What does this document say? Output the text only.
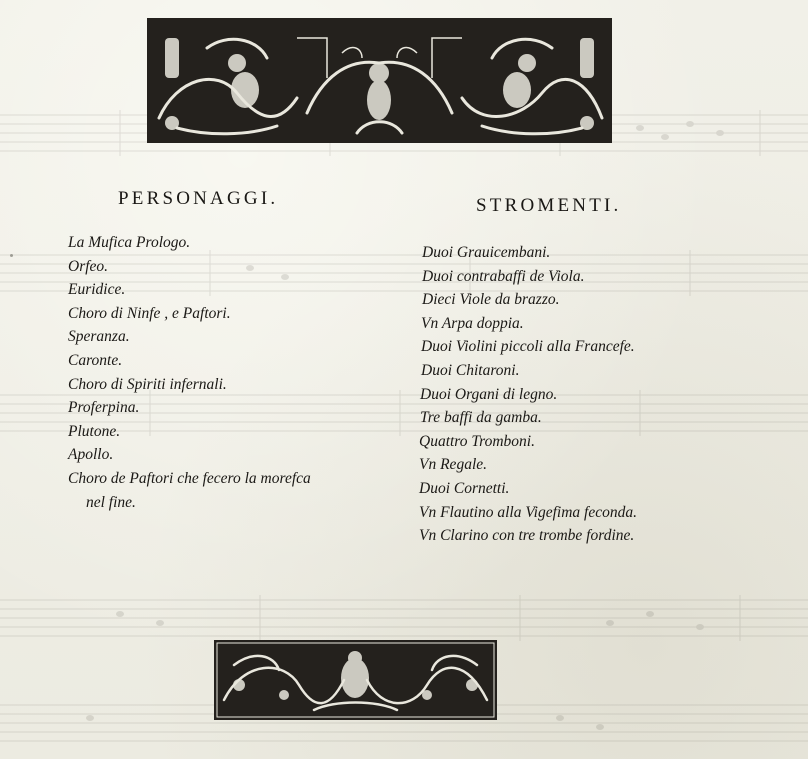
PERSONAGGI.	STROMENTI.
La Mufica Prologo.
Orfeo.
Euridice.
Choro di Ninfe , e Paftori.
Speranza.
Caronte.
Choro di Spiriti infernali.
Proferpina.
Plutone.
Apollo.
Choro de Paftori che fecero la morefca
nel fine.
Duoi Grauicembani.
Duoi contrabaffi de Viola.
Dieci Viole da brazzo.
Vn Arpa doppia.
Duoi Violini piccoli alla Francefe.
Duoi Chitaroni.
Duoi Organi di legno.
Tre baffi da gamba.
Quattro Tromboni.
Vn Regale.
Duoi Cornetti.
Vn Flautino alla Vigefima feconda.
Vn Clarino con tre trombe fordine.
